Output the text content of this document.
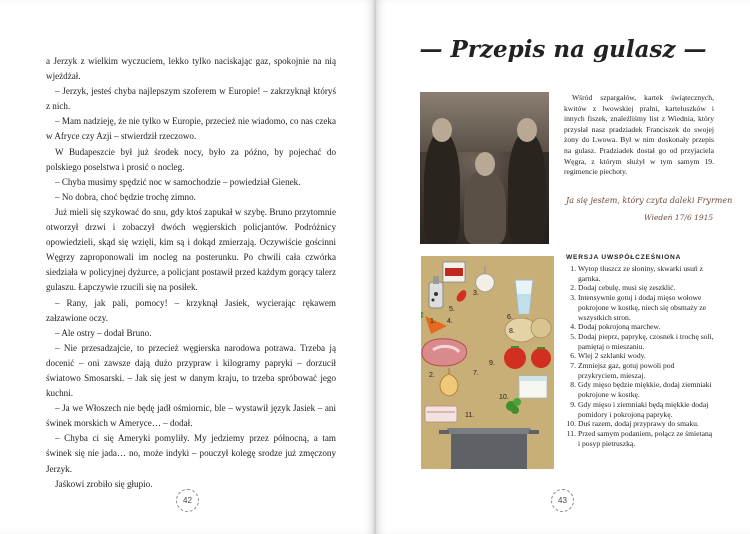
a Jerzyk z wielkim wyczuciem, lekko tylko naciskając gaz, spokojnie na nią wjeżdżał.

– Jerzyk, jesteś chyba najlepszym szoferem w Europie! – zakrzyknął któryś z nich.

– Mam nadzieję, że nie tylko w Europie, przecież nie wiadomo, co nas czeka w Afryce czy Azji – stwierdził rzeczowo.

W Budapeszcie był już środek nocy, było za późno, by pojechać do polskiego poselstwa i prosić o nocleg.

– Chyba musimy spędzić noc w samochodzie – powiedział Gienek.

– No dobra, choć będzie trochę zimno.

Już mieli się szykować do snu, gdy ktoś zapukał w szybę. Bruno przytomnie otworzył drzwi i zobaczył dwóch węgierskich policjantów. Podróżnicy opowiedzieli, skąd się wzięli, kim są i dokąd zmierzają. Oczywiście gościnni Węgrzy zaproponowali im nocleg na posterunku. Po chwili cała czwórka siedziała w policyjnej dyżurce, a policjant postawił przed każdym gorący talerz gulaszu. Łapczywie rzucili się na posiłek.

– Rany, jak pali, pomocy! – krzyknął Jasiek, wycierając rękawem załzawione oczy.

– Ale ostry – dodał Bruno.

– Nie przesadzajcie, to przecież węgierska narodowa potrawa. Trzeba ją docenić – oni zawsze dają dużo przypraw i kilogramy papryki – dorzucił światowo Smosarski. – Jak się jest w danym kraju, to trzeba spróbować jego kuchni.

– Ja we Włoszech nie będę jadł ośmiornic, ble – wystawił język Jasiek – ani świnek morskich w Ameryce… – dodał.

– Chyba ci się Ameryki pomyliły. My jedziemy przez północną, a tam świnek się nie jada… no, może indyki – pouczył kolegę srodze już zmęczony Jerzyk.

Jaśkowi zrobiło się głupio.

42
— Przepis na gulasz —

Wśród szpargałów, kartek świątecznych, kwitów z lwowskiej pralni, karteluszków i innych fiszek, znaleźliśmy list z Wiednia, który przysłał nasz pradziadek Franciszek do swojej żony do Lwowa. Był w nim doskonały przepis na gulasz. Pradziadek dostał go od przyjaciela Węgra, z którym służył w tym samym 19. regimencie piechoty.

Ja się jestem, który czyta daleki Fryrmen
Wiedeń 17/6 1915
1.
2.
3.
4.
5.
6.
7.
8.
9.
10.
11.
WERSJA UWSPÓŁCZEŚNIONA
1. Wytop tłuszcz ze słoniny, skwarki usuń z garnka.
2. Dodaj cebulę, musi się zeszklić.
3. Intensywnie gotuj i dodaj mięso wołowe pokrojone w kostkę, niech się obsmaży ze wszystkich stron.
4. Dodaj pokrojoną marchew.
5. Dodaj pieprz, paprykę, czosnek i trochę soli, pamiętaj o mieszaniu.
6. Wlej 2 szklanki wody.
7. Zmniejsz gaz, gotuj powoli pod przykryciem, mieszaj.
8. Gdy mięso będzie miękkie, dodaj ziemniaki pokrojone w kostkę.
9. Gdy mięso i ziemniaki będą miękkie dodaj pomidory i pokrojoną paprykę.
10. Duś razem, dodaj przyprawy do smaku.
11. Przed samym podaniem, połącz ze śmietaną i posyp pietruszką.
43
